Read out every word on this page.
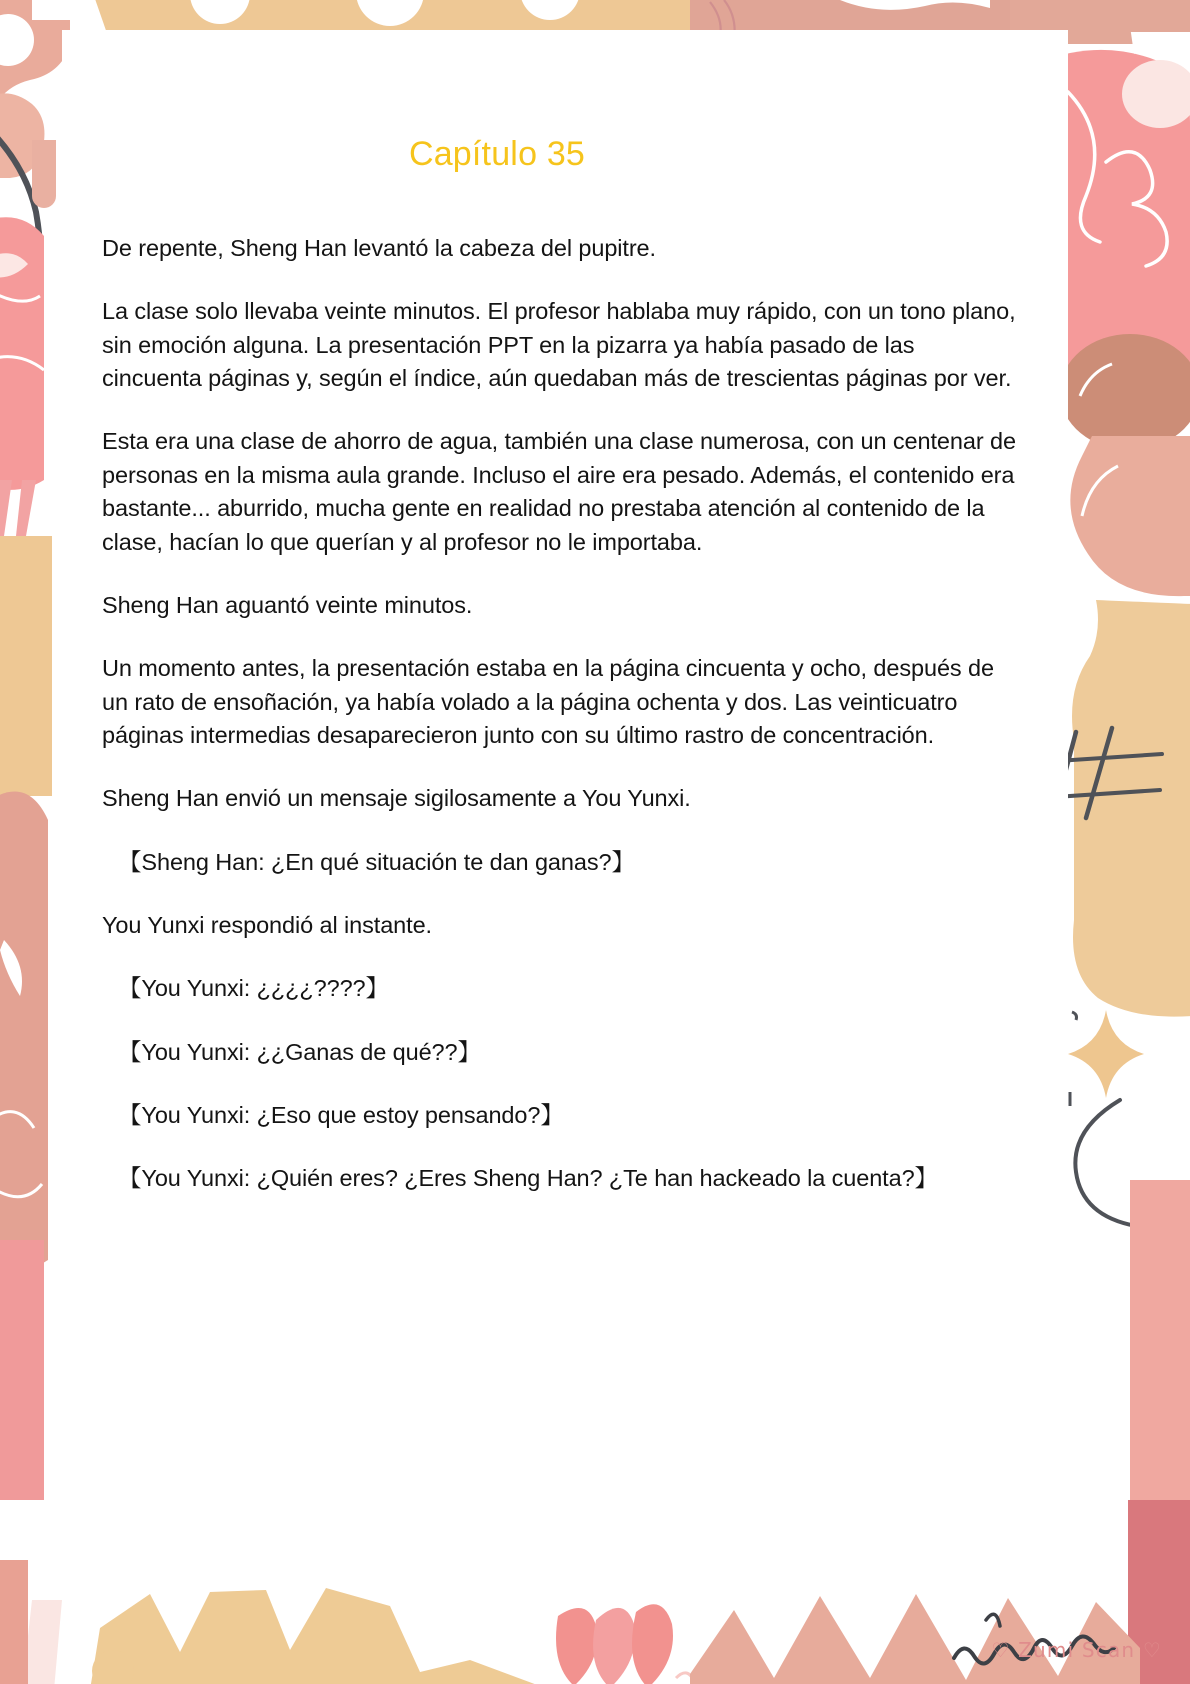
Capítulo 35

De repente, Sheng Han levantó la cabeza del pupitre.

La clase solo llevaba veinte minutos. El profesor hablaba muy rápido, con un tono plano, sin emoción alguna. La presentación PPT en la pizarra ya había pasado de las cincuenta páginas y, según el índice, aún quedaban más de trescientas páginas por ver.

Esta era una clase de ahorro de agua, también una clase numerosa, con un centenar de personas en la misma aula grande. Incluso el aire era pesado. Además, el contenido era bastante... aburrido, mucha gente en realidad no prestaba atención al contenido de la clase, hacían lo que querían y al profesor no le importaba.

Sheng Han aguantó veinte minutos.

Un momento antes, la presentación estaba en la página cincuenta y ocho, después de un rato de ensoñación, ya había volado a la página ochenta y dos. Las veinticuatro páginas intermedias desaparecieron junto con su último rastro de concentración.

Sheng Han envió un mensaje sigilosamente a You Yunxi.

【Sheng Han: ¿En qué situación te dan ganas?】

You Yunxi respondió al instante.

【You Yunxi: ¿¿¿¿????】

【You Yunxi: ¿¿Ganas de qué??】

【You Yunxi: ¿Eso que estoy pensando?】

【You Yunxi: ¿Quién eres? ¿Eres Sheng Han? ¿Te han hackeado la cuenta?】

♡ Zumi Scan ♡
